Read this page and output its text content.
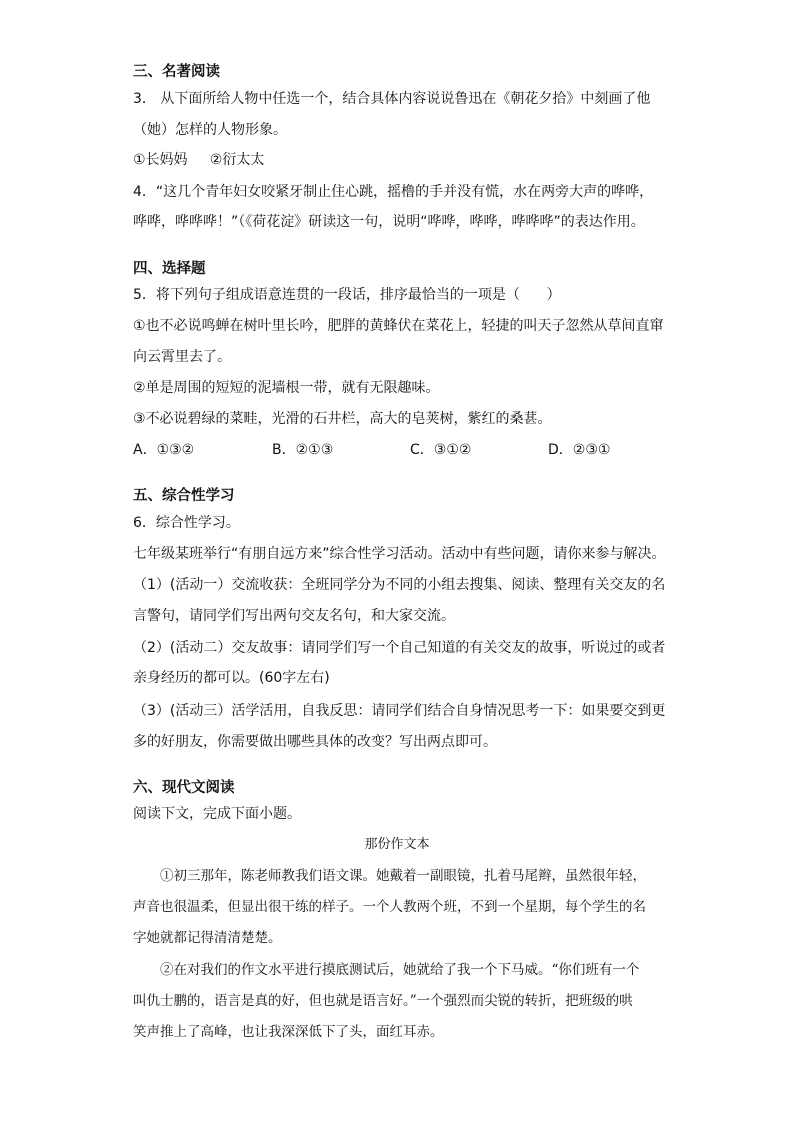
三、名著阅读
3． 从下面所给人物中任选一个，结合具体内容说说鲁迅在《朝花夕拾》中刻画了他
（她）怎样的人物形象。
①长妈妈     ②衍太太
4．“这几个青年妇女咬紧牙制止住心跳，摇橹的手并没有慌，水在两旁大声的哗哗，
哗哗，哗哗哗！”（《荷花淀》研读这一句，说明“哗哗，哗哗，哗哗哗”的表达作用。
四、选择题
5．将下列句子组成语意连贯的一段话，排序最恰当的一项是（      ）
①也不必说鸣蝉在树叶里长吟，肥胖的黄蜂伏在菜花上，轻捷的叫天子忽然从草间直窜
向云霄里去了。
②单是周围的短短的泥墙根一带，就有无限趣味。
③不必说碧绿的菜畦，光滑的石井栏，高大的皂荚树，紫红的桑葚。
A．①③②	B．②①③	C．③①②	D．②③①
五、综合性学习
6．综合性学习。
七年级某班举行“有朋自远方来”综合性学习活动。活动中有些问题，请你来参与解决。
（1）(活动一）交流收获：全班同学分为不同的小组去搜集、阅读、整理有关交友的名
言警句，请同学们写出两句交友名句，和大家交流。
（2）(活动二）交友故事：请同学们写一个自己知道的有关交友的故事，听说过的或者
亲身经历的都可以。(60字左右)
（3）(活动三）活学活用，自我反思：请同学们结合自身情况思考一下：如果要交到更
多的好朋友，你需要做出哪些具体的改变？写出两点即可。
六、现代文阅读
阅读下文，完成下面小题。
那份作文本
①初三那年，陈老师教我们语文课。她戴着一副眼镜，扎着马尾辫，虽然很年轻，
声音也很温柔，但显出很干练的样子。一个人教两个班，不到一个星期，每个学生的名
字她就都记得清清楚楚。
②在对我们的作文水平进行摸底测试后，她就给了我一个下马威。“你们班有一个
叫仇士鹏的，语言是真的好，但也就是语言好。”一个强烈而尖锐的转折，把班级的哄
笑声推上了高峰，也让我深深低下了头，面红耳赤。
